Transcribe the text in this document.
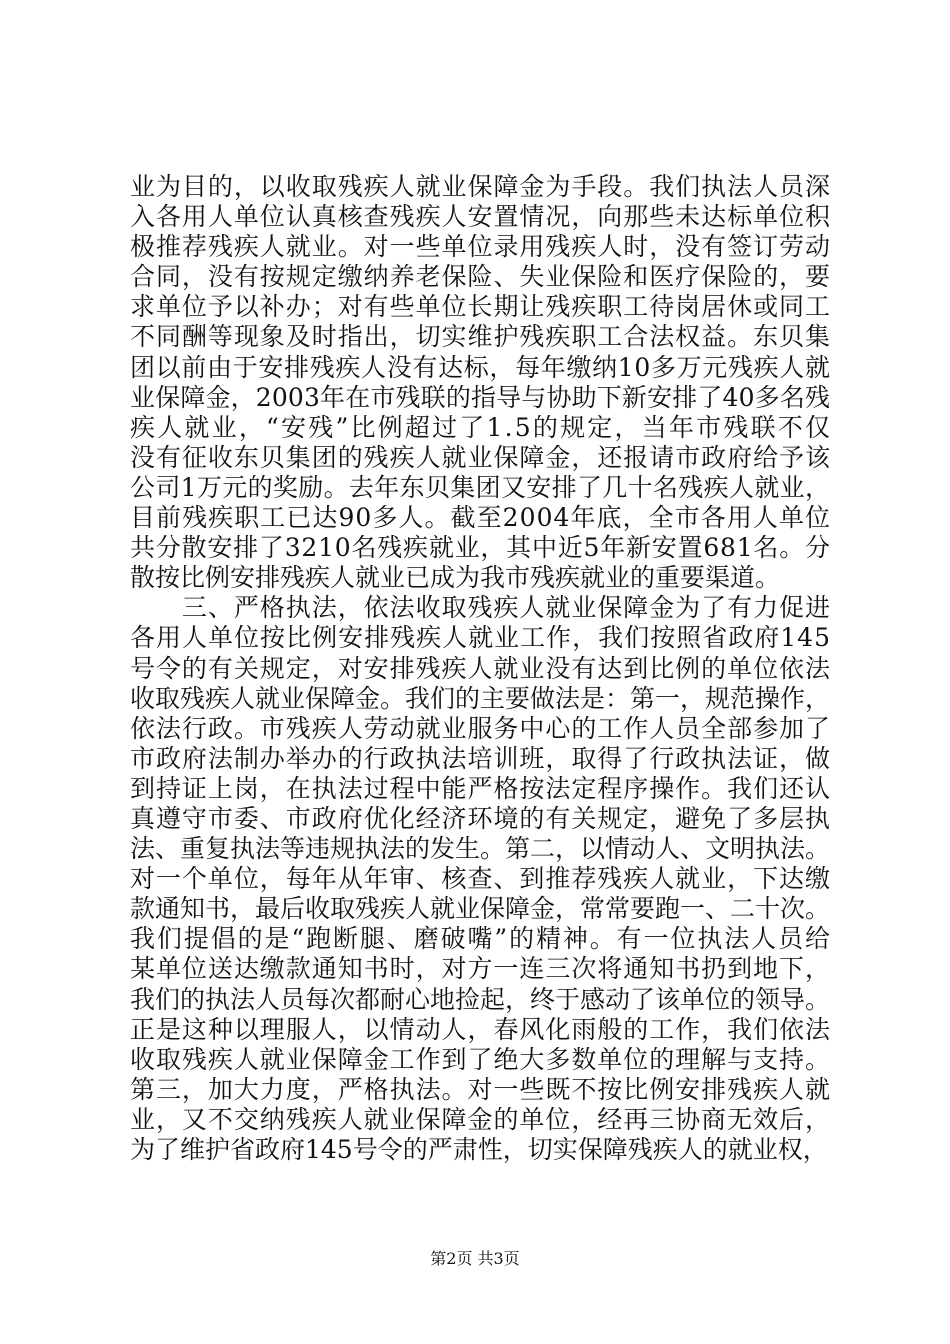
业为目的，以收取残疾人就业保障金为手段。我们执法人员深
入各用人单位认真核查残疾人安置情况，向那些未达标单位积
极推荐残疾人就业。对一些单位录用残疾人时，没有签订劳动
合同，没有按规定缴纳养老保险、失业保险和医疗保险的，要
求单位予以补办；对有些单位长期让残疾职工待岗居休或同工
不同酬等现象及时指出，切实维护残疾职工合法权益。东贝集
团以前由于安排残疾人没有达标，每年缴纳10多万元残疾人就
业保障金，2003年在市残联的指导与协助下新安排了40多名残
疾人就业，“安残”比例超过了1.5的规定，当年市残联不仅
没有征收东贝集团的残疾人就业保障金，还报请市政府给予该
公司1万元的奖励。去年东贝集团又安排了几十名残疾人就业，
目前残疾职工已达90多人。截至2004年底，全市各用人单位
共分散安排了3210名残疾就业，其中近5年新安置681名。分
散按比例安排残疾人就业已成为我市残疾就业的重要渠道。
　　三、严格执法，依法收取残疾人就业保障金为了有力促进
各用人单位按比例安排残疾人就业工作，我们按照省政府145
号令的有关规定，对安排残疾人就业没有达到比例的单位依法
收取残疾人就业保障金。我们的主要做法是：第一，规范操作，
依法行政。市残疾人劳动就业服务中心的工作人员全部参加了
市政府法制办举办的行政执法培训班，取得了行政执法证，做
到持证上岗，在执法过程中能严格按法定程序操作。我们还认
真遵守市委、市政府优化经济环境的有关规定，避免了多层执
法、重复执法等违规执法的发生。第二，以情动人、文明执法。
对一个单位，每年从年审、核查、到推荐残疾人就业，下达缴
款通知书，最后收取残疾人就业保障金，常常要跑一、二十次。
我们提倡的是“跑断腿、磨破嘴”的精神。有一位执法人员给
某单位送达缴款通知书时，对方一连三次将通知书扔到地下，
我们的执法人员每次都耐心地捡起，终于感动了该单位的领导。
正是这种以理服人，以情动人，春风化雨般的工作，我们依法
收取残疾人就业保障金工作到了绝大多数单位的理解与支持。
第三，加大力度，严格执法。对一些既不按比例安排残疾人就
业，又不交纳残疾人就业保障金的单位，经再三协商无效后，
为了维护省政府145号令的严肃性，切实保障残疾人的就业权，
第2页 共3页
